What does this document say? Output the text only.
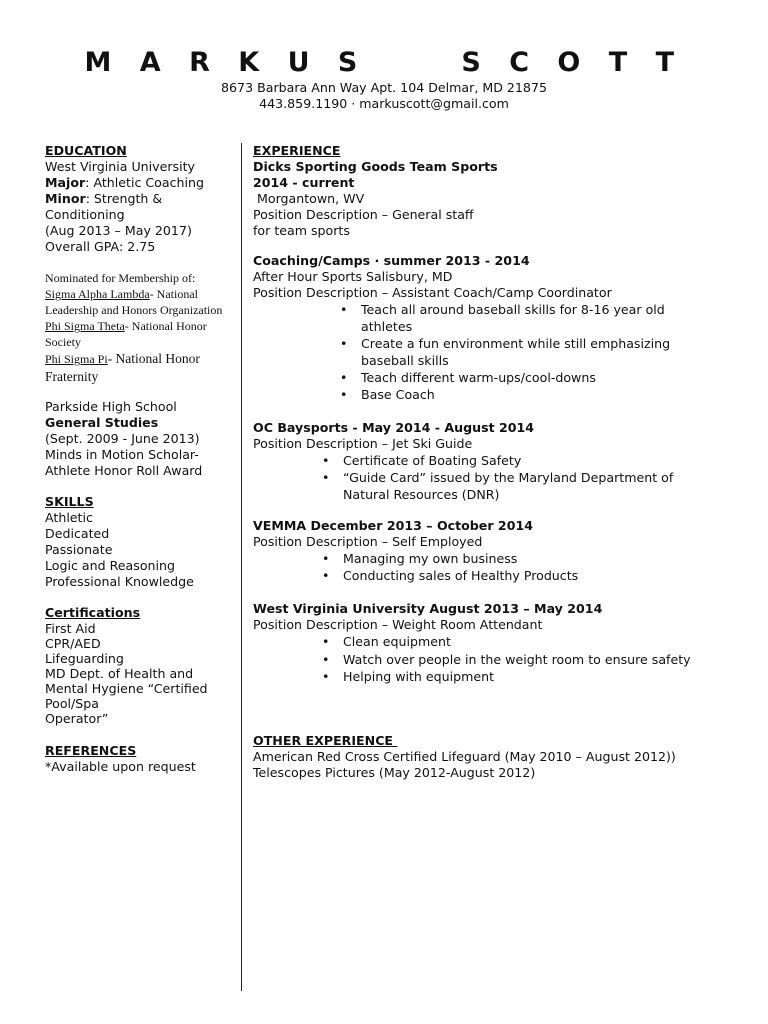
M A R K U S     S C O T T
8673 Barbara Ann Way Apt. 104 Delmar, MD 21875
443.859.1190 · markuscott@gmail.com
EDUCATION
West Virginia University
Major: Athletic Coaching
Minor: Strength &
Conditioning
(Aug 2013 – May 2017)
Overall GPA: 2.75
Nominated for Membership of:
Sigma Alpha Lambda- National
Leadership and Honors Organization
Phi Sigma Theta- National Honor
Society
Phi Sigma Pi- National Honor
Fraternity
Parkside High School
General Studies
(Sept. 2009 - June 2013)
Minds in Motion Scholar-
Athlete Honor Roll Award
SKILLS
Athletic
Dedicated
Passionate
Logic and Reasoning
Professional Knowledge
Certifications
First Aid
CPR/AED
Lifeguarding
MD Dept. of Health and
Mental Hygiene “Certified
Pool/Spa
Operator”
REFERENCES
*Available upon request
EXPERIENCE
Dicks Sporting Goods Team Sports
2014 - current
Morgantown, WV
Position Description – General staff
for team sports
Coaching/Camps · summer 2013 - 2014
After Hour Sports Salisbury, MD
Position Description – Assistant Coach/Camp Coordinator
• Teach all around baseball skills for 8-16 year old
athletes
• Create a fun environment while still emphasizing
baseball skills
• Teach different warm-ups/cool-downs
• Base Coach
OC Baysports - May 2014 - August 2014
Position Description – Jet Ski Guide
• Certificate of Boating Safety
• “Guide Card” issued by the Maryland Department of
Natural Resources (DNR)
VEMMA December 2013 – October 2014
Position Description – Self Employed
• Managing my own business
• Conducting sales of Healthy Products
West Virginia University August 2013 – May 2014
Position Description – Weight Room Attendant
• Clean equipment
• Watch over people in the weight room to ensure safety
• Helping with equipment
OTHER EXPERIENCE
American Red Cross Certified Lifeguard (May 2010 – August 2012))
Telescopes Pictures (May 2012-August 2012)
